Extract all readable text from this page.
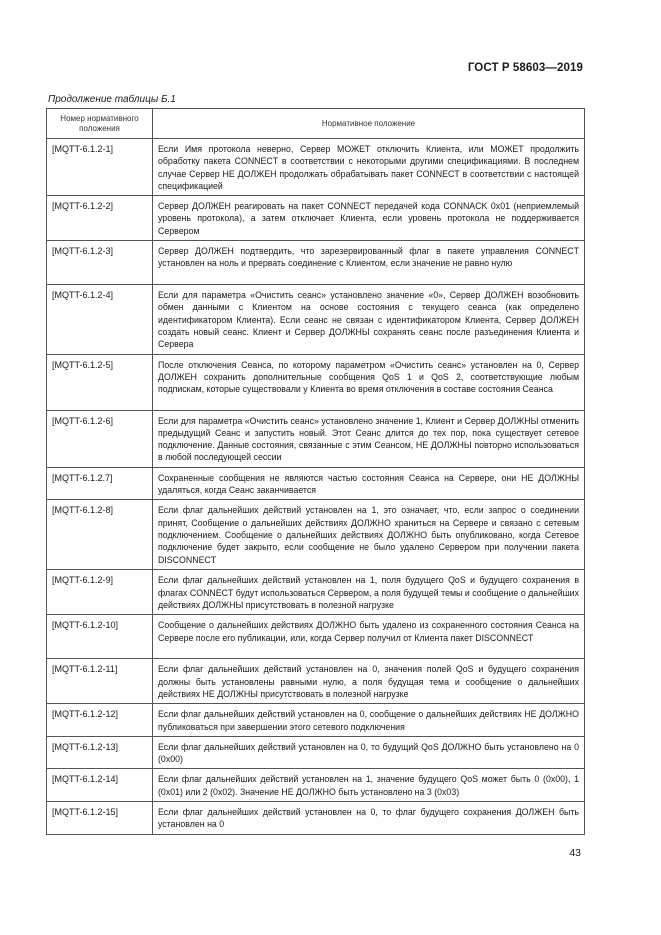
ГОСТ Р 58603—2019
Продолжение таблицы Б.1
Номер нормативного положения	Нормативное положение
[MQTT-6.1.2-1]	Если Имя протокола неверно, Сервер МОЖЕТ отключить Клиента, или МОЖЕТ продолжить обработку пакета CONNECT в соответствии с некоторыми другими спецификациями. В последнем случае Сервер НЕ ДОЛЖЕН продолжать обрабатывать пакет CONNECT в соответствии с настоящей спецификацией
[MQTT-6.1.2-2]	Сервер ДОЛЖЕН реагировать на пакет CONNECT передачей кода CONNACK 0x01 (неприемлемый уровень протокола), а затем отключает Клиента, если уровень протокола не поддерживается Сервером
[MQTT-6.1.2-3]	Сервер ДОЛЖЕН подтвердить, что зарезервированный флаг в пакете управления CONNECT установлен на ноль и прервать соединение с Клиентом, если значение не равно нулю
[MQTT-6.1.2-4]	Если для параметра «Очистить сеанс» установлено значение «0», Сервер ДОЛЖЕН возобновить обмен данными с Клиентом на основе состояния с текущего сеанса (как определено идентификатором Клиента). Если сеанс не связан с идентификатором Клиента, Сервер ДОЛЖЕН создать новый сеанс. Клиент и Сервер ДОЛЖНЫ сохранять сеанс после разъединения Клиента и Сервера
[MQTT-6.1.2-5]	После отключения Сеанса, по которому параметром «Очистить сеанс» установлен на 0, Сервер ДОЛЖЕН сохранить дополнительные сообщения QoS 1 и QoS 2, соответствующие любым подпискам, которые существовали у Клиента во время отключения в составе состояния Сеанса
[MQTT-6.1.2-6]	Если для параметра «Очистить сеанс» установлено значение 1, Клиент и Сервер ДОЛЖНЫ отменить предыдущий Сеанс и запустить новый. Этот Сеанс длится до тех пор, пока существует сетевое подключение. Данные состояния, связанные с этим Сеансом, НЕ ДОЛЖНЫ повторно использоваться в любой последующей сессии
[MQTT-6.1.2.7]	Сохраненные сообщения не являются частью состояния Сеанса на Сервере, они НЕ ДОЛЖНЫ удаляться, когда Сеанс заканчивается
[MQTT-6.1.2-8]	Если флаг дальнейших действий установлен на 1, это означает, что, если запрос о соединении принят, Сообщение о дальнейших действиях ДОЛЖНО храниться на Сервере и связано с сетевым подключением. Сообщение о дальнейших действиях ДОЛЖНО быть опубликовано, когда Сетевое подключение будет закрыто, если сообщение не было удалено Сервером при получении пакета DISCONNECT
[MQTT-6.1.2-9]	Если флаг дальнейших действий установлен на 1, поля будущего QoS и будущего сохранения в флагах CONNECT будут использоваться Сервером, а поля будущей темы и сообщение о дальнейших действиях ДОЛЖНЫ присутствовать в полезной нагрузке
[MQTT-6.1.2-10]	Сообщение о дальнейших действиях ДОЛЖНО быть удалено из сохраненного состояния Сеанса на Сервере после его публикации, или, когда Сервер получил от Клиента пакет DISCONNECT
[MQTT-6.1.2-11]	Если флаг дальнейших действий установлен на 0, значения полей QoS и будущего сохранения должны быть установлены равными нулю, а поля будущая тема и сообщение о дальнейших действиях НЕ ДОЛЖНЫ присутствовать в полезной нагрузке
[MQTT-6.1.2-12]	Если флаг дальнейших действий установлен на 0, сообщение о дальнейших действиях НЕ ДОЛЖНО публиковаться при завершении этого сетевого подключения
[MQTT-6.1.2-13]	Если флаг дальнейших действий установлен на 0, то будущий QoS ДОЛЖНО быть установлено на 0 (0x00)
[MQTT-6.1.2-14]	Если флаг дальнейших действий установлен на 1, значение будущего QoS может быть 0 (0x00), 1 (0x01) или 2 (0x02). Значение НЕ ДОЛЖНО быть установлено на 3 (0x03)
[MQTT-6.1.2-15]	Если флаг дальнейших действий установлен на 0, то флаг будущего сохранения ДОЛЖЕН быть установлен на 0
43
